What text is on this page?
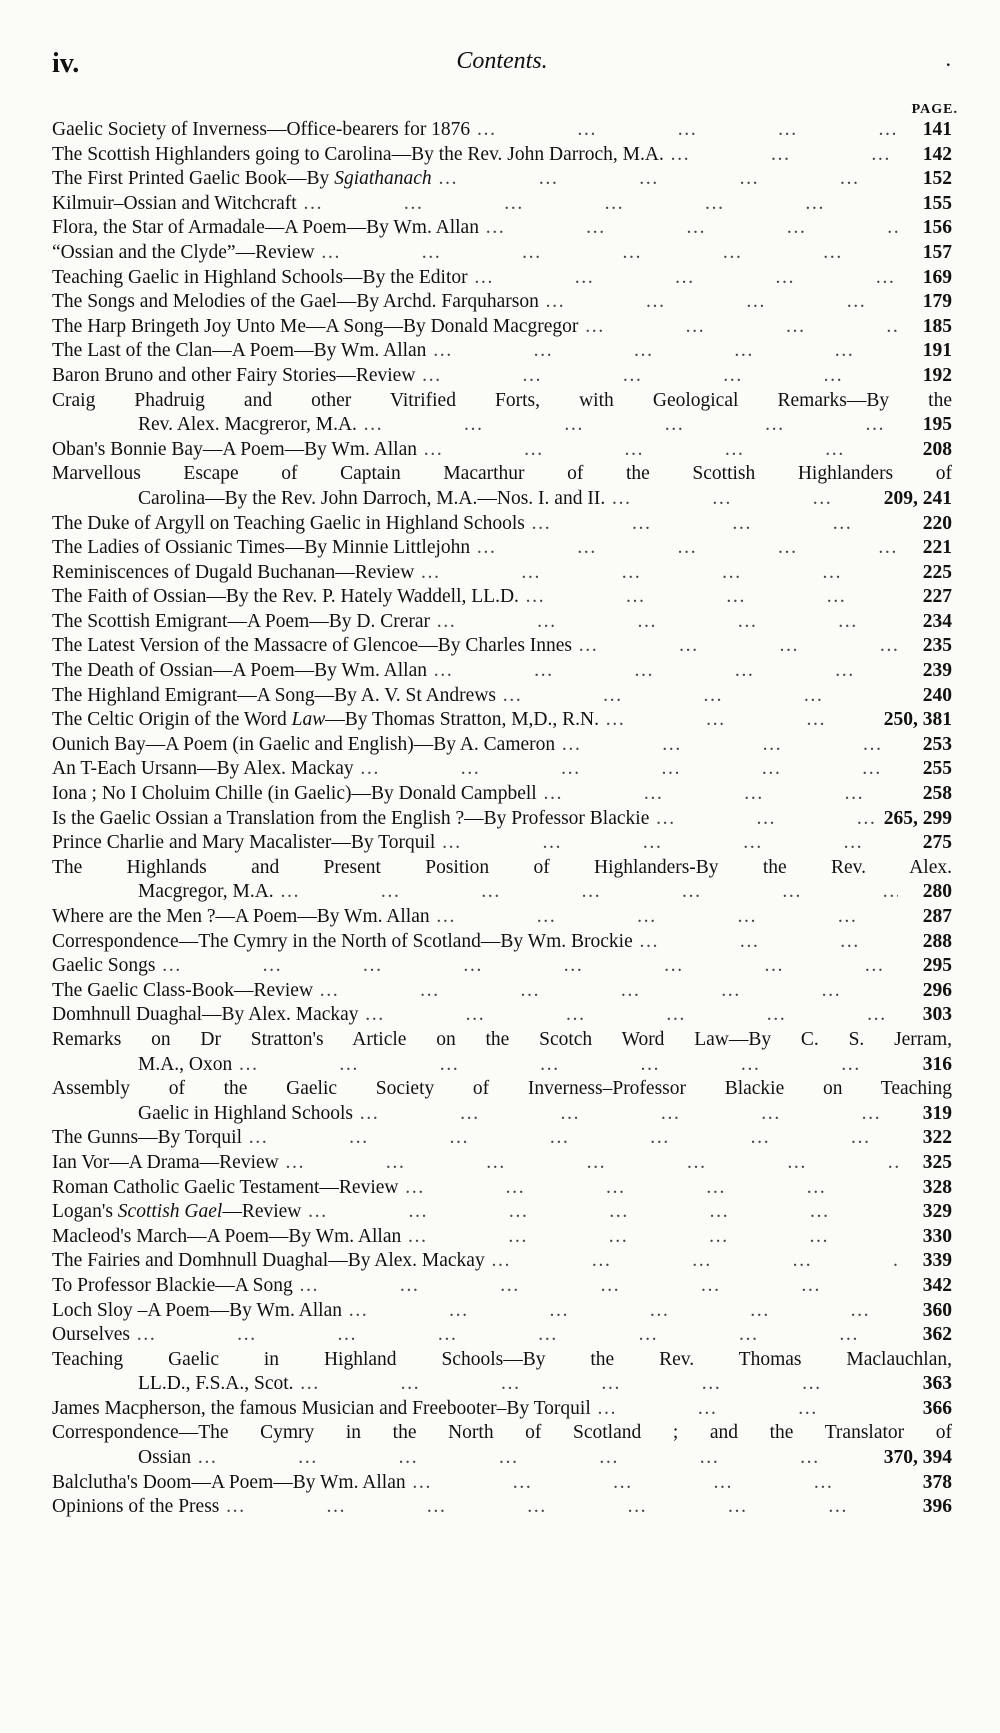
iv.	Contents.	·
PAGE.
Gaelic Society of Inverness—Office-bearers for 1876 … … … … … … … … … … … … … … … … … … … …	141
The Scottish Highlanders going to Carolina—By the Rev. John Darroch, M.A. … … … … … … … … … … … … … … … … … … … …	142
The First Printed Gaelic Book—By Sgiathanach … … … … … … … … … … … … … … … … … … … …	152
Kilmuir–Ossian and Witchcraft … … … … … … … … … … … … … … … … … … … …	155
Flora, the Star of Armadale—A Poem—By Wm. Allan … … … … … … … … … … … … … … … … … … … …	156
“Ossian and the Clyde”—Review … … … … … … … … … … … … … … … … … … … …	157
Teaching Gaelic in Highland Schools—By the Editor … … … … … … … … … … … … … … … … … … … …	169
The Songs and Melodies of the Gael—By Archd. Farquharson … … … … … … … … … … … … … … … … … … … …	179
The Harp Bringeth Joy Unto Me—A Song—By Donald Macgregor … … … … … … … … … … … … … … … … … … … …	185
The Last of the Clan—A Poem—By Wm. Allan … … … … … … … … … … … … … … … … … … … …	191
Baron Bruno and other Fairy Stories—Review … … … … … … … … … … … … … … … … … … … …	192
Craig Phadruig and other Vitrified Forts, with Geological Remarks—By the
Rev. Alex. Macgreror, M.A. … … … … … … … … … … … … … … … … … … … …	195
Oban's Bonnie Bay—A Poem—By Wm. Allan … … … … … … … … … … … … … … … … … … … …	208
Marvellous Escape of Captain Macarthur of the Scottish Highlanders of
Carolina—By the Rev. John Darroch, M.A.—Nos. I. and II. … … … … … … … … … … … … … … … … … … … …	209, 241
The Duke of Argyll on Teaching Gaelic in Highland Schools … … … … … … … … … … … … … … … … … … … …	220
The Ladies of Ossianic Times—By Minnie Littlejohn … … … … … … … … … … … … … … … … … … … …	221
Reminiscences of Dugald Buchanan—Review … … … … … … … … … … … … … … … … … … … …	225
The Faith of Ossian—By the Rev. P. Hately Waddell, LL.D. … … … … … … … … … … … … … … … … … … … …	227
The Scottish Emigrant—A Poem—By D. Crerar … … … … … … … … … … … … … … … … … … … …	234
The Latest Version of the Massacre of Glencoe—By Charles Innes … … … … … … … … … … … … … … … … … … … …	235
The Death of Ossian—A Poem—By Wm. Allan … … … … … … … … … … … … … … … … … … … …	239
The Highland Emigrant—A Song—By A. V. St Andrews … … … … … … … … … … … … … … … … … … … …	240
The Celtic Origin of the Word Law—By Thomas Stratton, M,D., R.N. … … … … … … … … … … … … … … … … … … … …	250, 381
Ounich Bay—A Poem (in Gaelic and English)—By A. Cameron … … … … … … … … … … … … … … … … … … … …	253
An T-Each Ursann—By Alex. Mackay … … … … … … … … … … … … … … … … … … … …	255
Iona ; No I Choluim Chille (in Gaelic)—By Donald Campbell … … … … … … … … … … … … … … … … … … … …	258
Is the Gaelic Ossian a Translation from the English ?—By Professor Blackie … … … … … … … … … … … … … … … … … … … …	265, 299
Prince Charlie and Mary Macalister—By Torquil … … … … … … … … … … … … … … … … … … … …	275
The Highlands and Present Position of Highlanders-By the Rev. Alex.
Macgregor, M.A. … … … … … … … … … … … … … … … … … … … …	280
Where are the Men ?—A Poem—By Wm. Allan … … … … … … … … … … … … … … … … … … … …	287
Correspondence—The Cymry in the North of Scotland—By Wm. Brockie … … … … … … … … … … … … … … … … … … … …	288
Gaelic Songs … … … … … … … … … … … … … … … … … … … …	295
The Gaelic Class-Book—Review … … … … … … … … … … … … … … … … … … … …	296
Domhnull Duaghal—By Alex. Mackay … … … … … … … … … … … … … … … … … … … …	303
Remarks on Dr Stratton's Article on the Scotch Word Law—By C. S. Jerram,
M.A., Oxon … … … … … … … … … … … … … … … … … … … …	316
Assembly of the Gaelic Society of Inverness–Professor Blackie on Teaching
Gaelic in Highland Schools … … … … … … … … … … … … … … … … … … … …	319
The Gunns—By Torquil … … … … … … … … … … … … … … … … … … … …	322
Ian Vor—A Drama—Review … … … … … … … … … … … … … … … … … … … …	325
Roman Catholic Gaelic Testament—Review … … … … … … … … … … … … … … … … … … … …	328
Logan's Scottish Gael—Review … … … … … … … … … … … … … … … … … … … …	329
Macleod's March—A Poem—By Wm. Allan … … … … … … … … … … … … … … … … … … … …	330
The Fairies and Domhnull Duaghal—By Alex. Mackay … … … … … … … … … … … … … … … … … … … …	339
To Professor Blackie—A Song … … … … … … … … … … … … … … … … … … … …	342
Loch Sloy –A Poem—By Wm. Allan … … … … … … … … … … … … … … … … … … … …	360
Ourselves … … … … … … … … … … … … … … … … … … … …	362
Teaching Gaelic in Highland Schools—By the Rev. Thomas Maclauchlan,
LL.D., F.S.A., Scot. … … … … … … … … … … … … … … … … … … … …	363
James Macpherson, the famous Musician and Freebooter–By Torquil … … … … … … … … … … … … … … … … … … … …	366
Correspondence—The Cymry in the North of Scotland ; and the Translator of
Ossian … … … … … … … … … … … … … … … … … … … …	370, 394
Balclutha's Doom—A Poem—By Wm. Allan … … … … … … … … … … … … … … … … … … … …	378
Opinions of the Press … … … … … … … … … … … … … … … … … … … …	396
